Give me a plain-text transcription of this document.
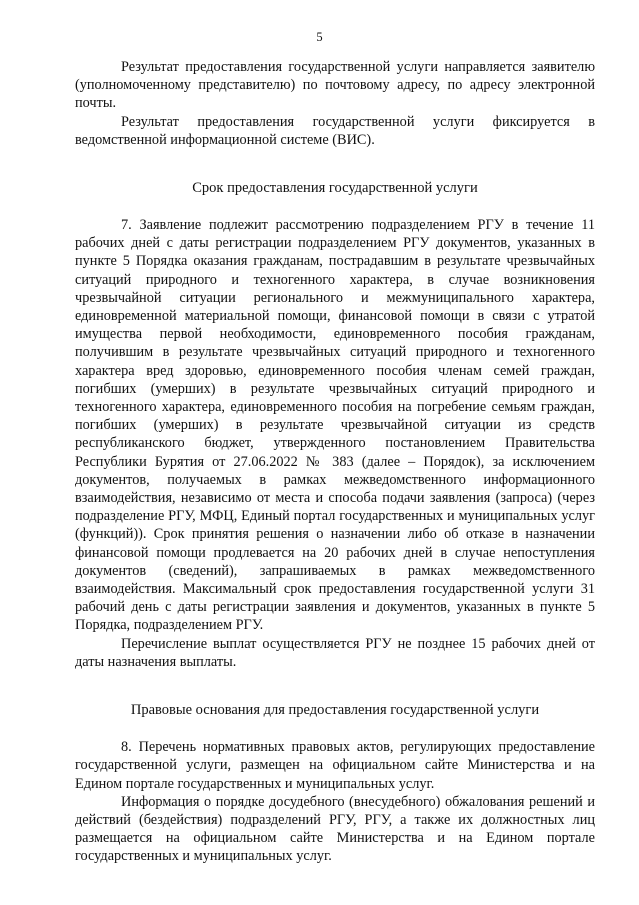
5

Результат предоставления государственной услуги направляется заявителю (уполномоченному представителю) по почтовому адресу, по адресу электронной почты.

Результат предоставления государственной услуги фиксируется в ведомственной информационной системе (ВИС).

Срок предоставления государственной услуги

7. Заявление подлежит рассмотрению подразделением РГУ в течение 11 рабочих дней с даты регистрации подразделением РГУ документов, указанных в пункте 5 Порядка оказания гражданам, пострадавшим в результате чрезвычайных ситуаций природного и техногенного характера, в случае возникновения чрезвычайной ситуации регионального и межмуниципального характера, единовременной материальной помощи, финансовой помощи в связи с утратой имущества первой необходимости, единовременного пособия гражданам, получившим в результате чрезвычайных ситуаций природного и техногенного характера вред здоровью, единовременного пособия членам семей граждан, погибших (умерших) в результате чрезвычайных ситуаций природного и техногенного характера, единовременного пособия на погребение семьям граждан, погибших (умерших) в результате чрезвычайной ситуации из средств республиканского бюджет, утвержденного постановлением Правительства Республики Бурятия от 27.06.2022 № 383 (далее – Порядок), за исключением документов, получаемых в рамках межведомственного информационного взаимодействия, независимо от места и способа подачи заявления (запроса) (через подразделение РГУ, МФЦ, Единый портал государственных и муниципальных услуг (функций)). Срок принятия решения о назначении либо об отказе в назначении финансовой помощи продлевается на 20 рабочих дней в случае непоступления документов (сведений), запрашиваемых в рамках межведомственного взаимодействия. Максимальный срок предоставления государственной услуги 31 рабочий день с даты регистрации заявления и документов, указанных в пункте 5 Порядка, подразделением РГУ.

Перечисление выплат осуществляется РГУ не позднее 15 рабочих дней от даты назначения выплаты.

Правовые основания для предоставления государственной услуги

8. Перечень нормативных правовых актов, регулирующих предоставление государственной услуги, размещен на официальном сайте Министерства и на Едином портале государственных и муниципальных услуг.

Информация о порядке досудебного (внесудебного) обжалования решений и действий (бездействия) подразделений РГУ, РГУ, а также их должностных лиц размещается на официальном сайте Министерства и на Едином портале государственных и муниципальных услуг.
